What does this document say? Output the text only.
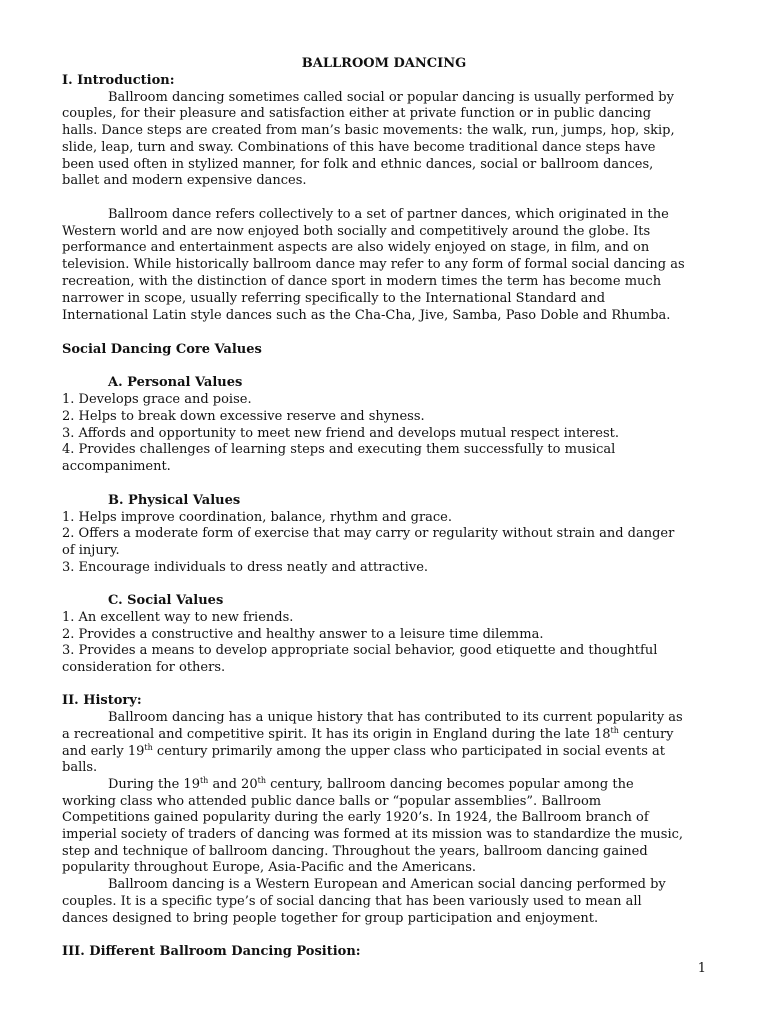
BALLROOM DANCING
I. Introduction:
Ballroom dancing sometimes called social or popular dancing is usually performed by
couples, for their pleasure and satisfaction either at private function or in public dancing
halls. Dance steps are created from man’s basic movements: the walk, run, jumps, hop, skip,
slide, leap, turn and sway. Combinations of this have become traditional dance steps have
been used often in stylized manner, for folk and ethnic dances, social or ballroom dances,
ballet and modern expensive dances.
Ballroom dance refers collectively to a set of partner dances, which originated in the
Western world and are now enjoyed both socially and competitively around the globe. Its
performance and entertainment aspects are also widely enjoyed on stage, in film, and on
television. While historically ballroom dance may refer to any form of formal social dancing as
recreation, with the distinction of dance sport in modern times the term has become much
narrower in scope, usually referring specifically to the International Standard and
International Latin style dances such as the Cha-Cha, Jive, Samba, Paso Doble and Rhumba.
Social Dancing Core Values
A. Personal Values
1. Develops grace and poise.
2. Helps to break down excessive reserve and shyness.
3. Affords and opportunity to meet new friend and develops mutual respect interest.
4. Provides challenges of learning steps and executing them successfully to musical
accompaniment.
B. Physical Values
1. Helps improve coordination, balance, rhythm and grace.
2. Offers a moderate form of exercise that may carry or regularity without strain and danger
of injury.
3. Encourage individuals to dress neatly and attractive.
C. Social Values
1. An excellent way to new friends.
2. Provides a constructive and healthy answer to a leisure time dilemma.
3. Provides a means to develop appropriate social behavior, good etiquette and thoughtful
consideration for others.
II. History:
Ballroom dancing has a unique history that has contributed to its current popularity as
a recreational and competitive spirit. It has its origin in England during the late 18th century
and early 19th century primarily among the upper class who participated in social events at
balls.
During the 19th and 20th century, ballroom dancing becomes popular among the
working class who attended public dance balls or “popular assemblies”. Ballroom
Competitions gained popularity during the early 1920’s. In 1924, the Ballroom branch of
imperial society of traders of dancing was formed at its mission was to standardize the music,
step and technique of ballroom dancing. Throughout the years, ballroom dancing gained
popularity throughout Europe, Asia-Pacific and the Americans.
Ballroom dancing is a Western European and American social dancing performed by
couples. It is a specific type’s of social dancing that has been variously used to mean all
dances designed to bring people together for group participation and enjoyment.
III. Different Ballroom Dancing Position:
1
